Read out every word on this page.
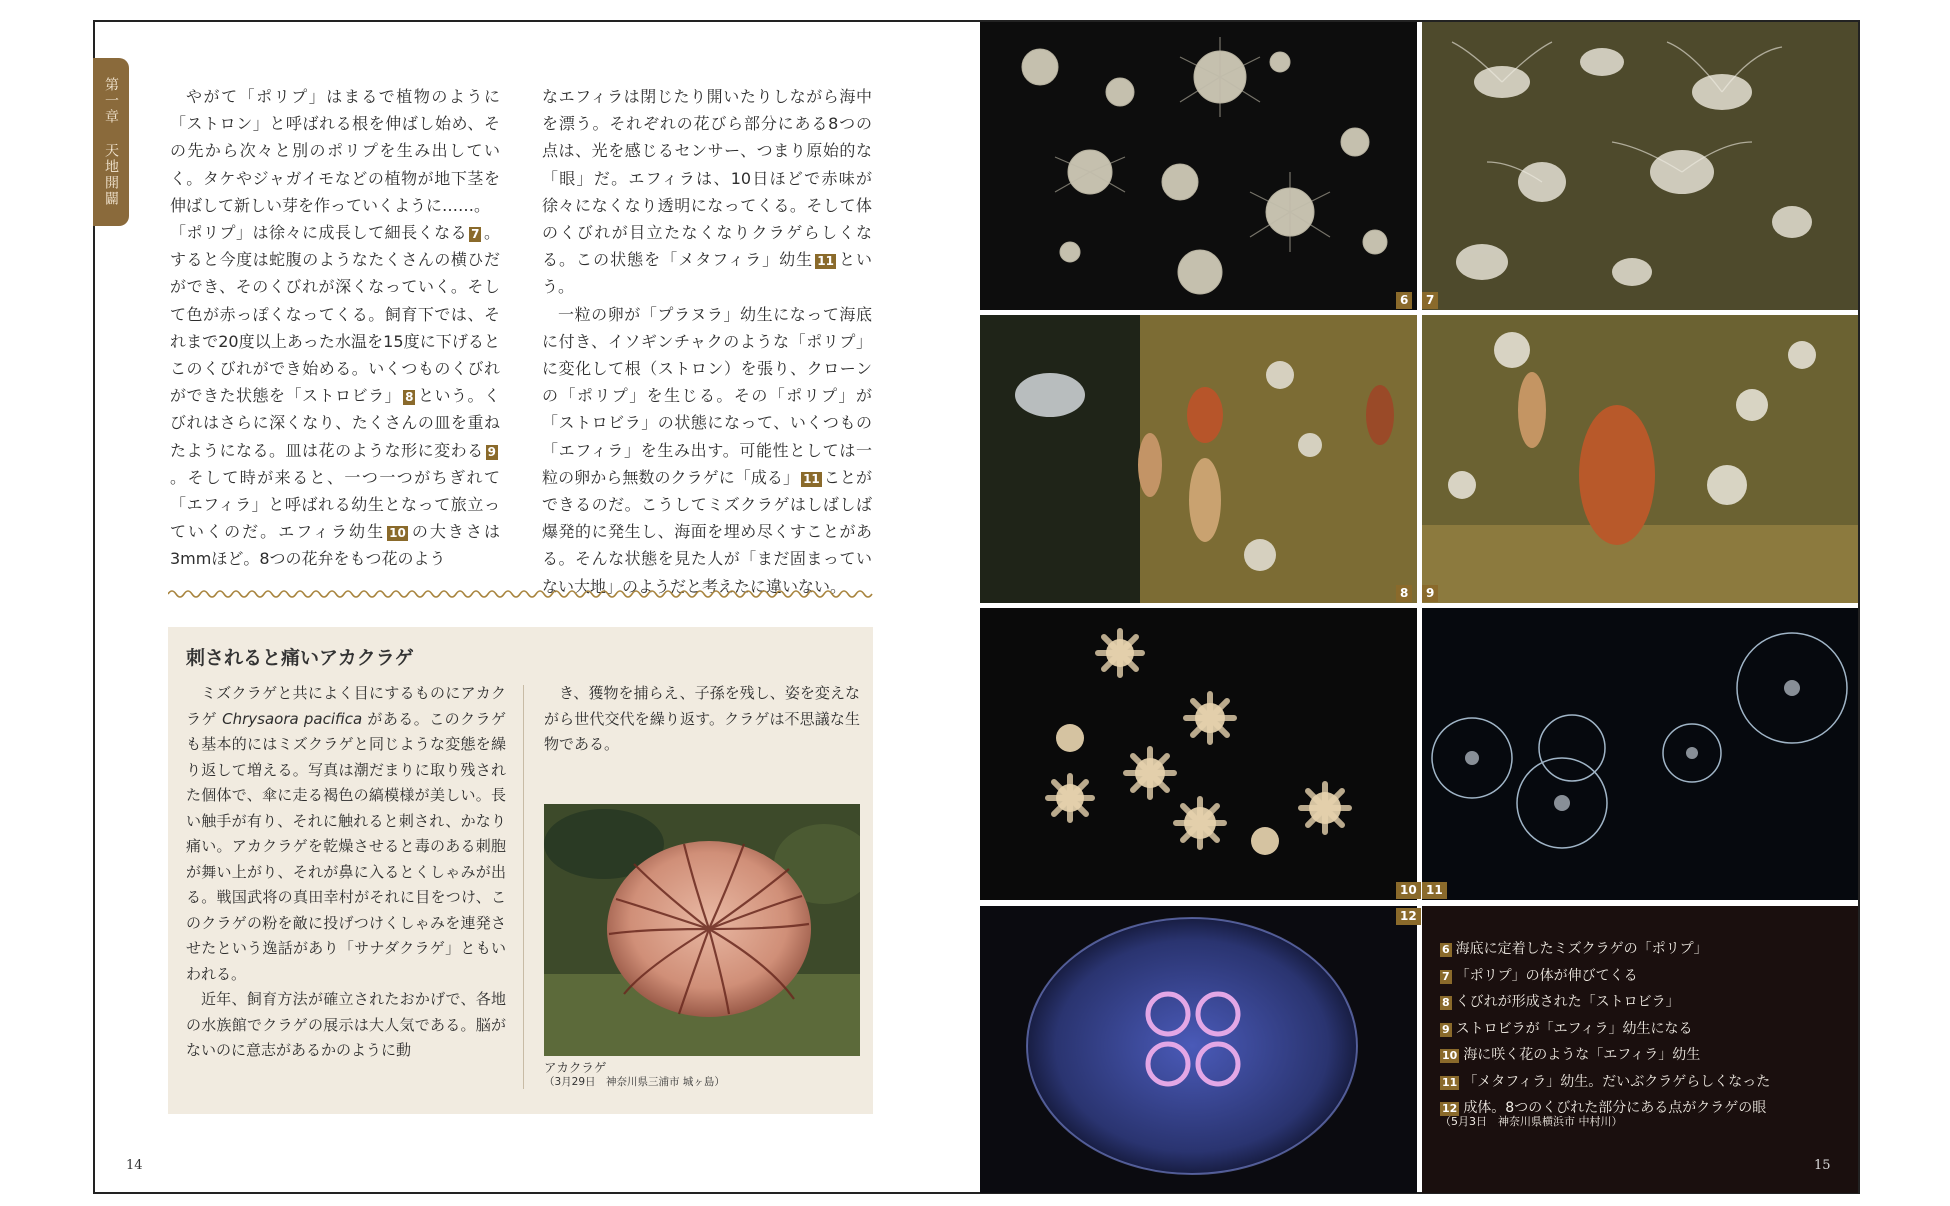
第一章 天地開闢	やがて「ポリプ」はまるで植物のように「ストロン」と呼ばれる根を伸ばし始め、その先から次々と別のポリプを生み出していく。タケやジャガイモなどの植物が地下茎を伸ばして新しい芽を作っていくように……。

「ポリプ」は徐々に成長して細長くなる 7 。すると今度は蛇腹のようなたくさんの横ひだができ、そのくびれが深くなっていく。そして色が赤っぽくなってくる。飼育下では、それまで20度以上あった水温を15度に下げるとこのくびれができ始める。いくつものくびれができた状態を「ストロビラ」 8 という。くびれはさらに深くなり、たくさんの皿を重ねたようになる。皿は花のような形に変わる 9。そして時が来ると、一つ一つがちぎれて「エフィラ」と呼ばれる幼生となって旅立っていくのだ。エフィラ幼生 10 の大きさは3mmほど。8つの花弁をもつ花のよう

なエフィラは閉じたり開いたりしながら海中を漂う。それぞれの花びら部分にある8つの点は、光を感じるセンサー、つまり原始的な「眼」だ。エフィラは、10日ほどで赤味が徐々になくなり透明になってくる。そして体のくびれが目立たなくなりクラゲらしくなる。この状態を「メタフィラ」幼生 11 という。

一粒の卵が「プラヌラ」幼生になって海底に付き、イソギンチャクのような「ポリプ」に変化して根（ストロン）を張り、クローンの「ポリプ」を生じる。その「ポリプ」が「ストロビラ」の状態になって、いくつもの「エフィラ」を生み出す。可能性としては一粒の卵から無数のクラゲに「成る」 11 ことができるのだ。こうしてミズクラゲはしばしば爆発的に発生し、海面を埋め尽くすことがある。そんな状態を見た人が「まだ固まっていない大地」のようだと考えたに違いない。

刺されると痛いアカクラゲ

ミズクラゲと共によく目にするものにアカクラゲ Chrysaora pacifica がある。このクラゲも基本的にはミズクラゲと同じような変態を繰り返して増える。写真は潮だまりに取り残された個体で、傘に走る褐色の縞模様が美しい。長い触手が有り、それに触れると刺され、かなり痛い。アカクラゲを乾燥させると毒のある刺胞が舞い上がり、それが鼻に入るとくしゃみが出る。戦国武将の真田幸村がそれに目をつけ、このクラゲの粉を敵に投げつけくしゃみを連発させたという逸話があり「サナダクラゲ」ともいわれる。

近年、飼育方法が確立されたおかげで、各地の水族館でクラゲの展示は大人気である。脳がないのに意志があるかのように動

き、獲物を捕らえ、子孫を残し、姿を変えながら世代交代を繰り返す。クラゲは不思議な生物である。

アカクラゲ
（3月29日　神奈川県三浦市 城ヶ島）
14
6	7
8	9
10 11
12
6 海底に定着したミズクラゲの「ポリプ」
7 「ポリプ」の体が伸びてくる
8 くびれが形成された「ストロビラ」
9 ストロビラが「エフィラ」幼生になる
10 海に咲く花のような「エフィラ」幼生
11 「メタフィラ」幼生。だいぶクラゲらしくなった
12 成体。8つのくびれた部分にある点がクラゲの眼
（5月3日　神奈川県横浜市 中村川）
15
